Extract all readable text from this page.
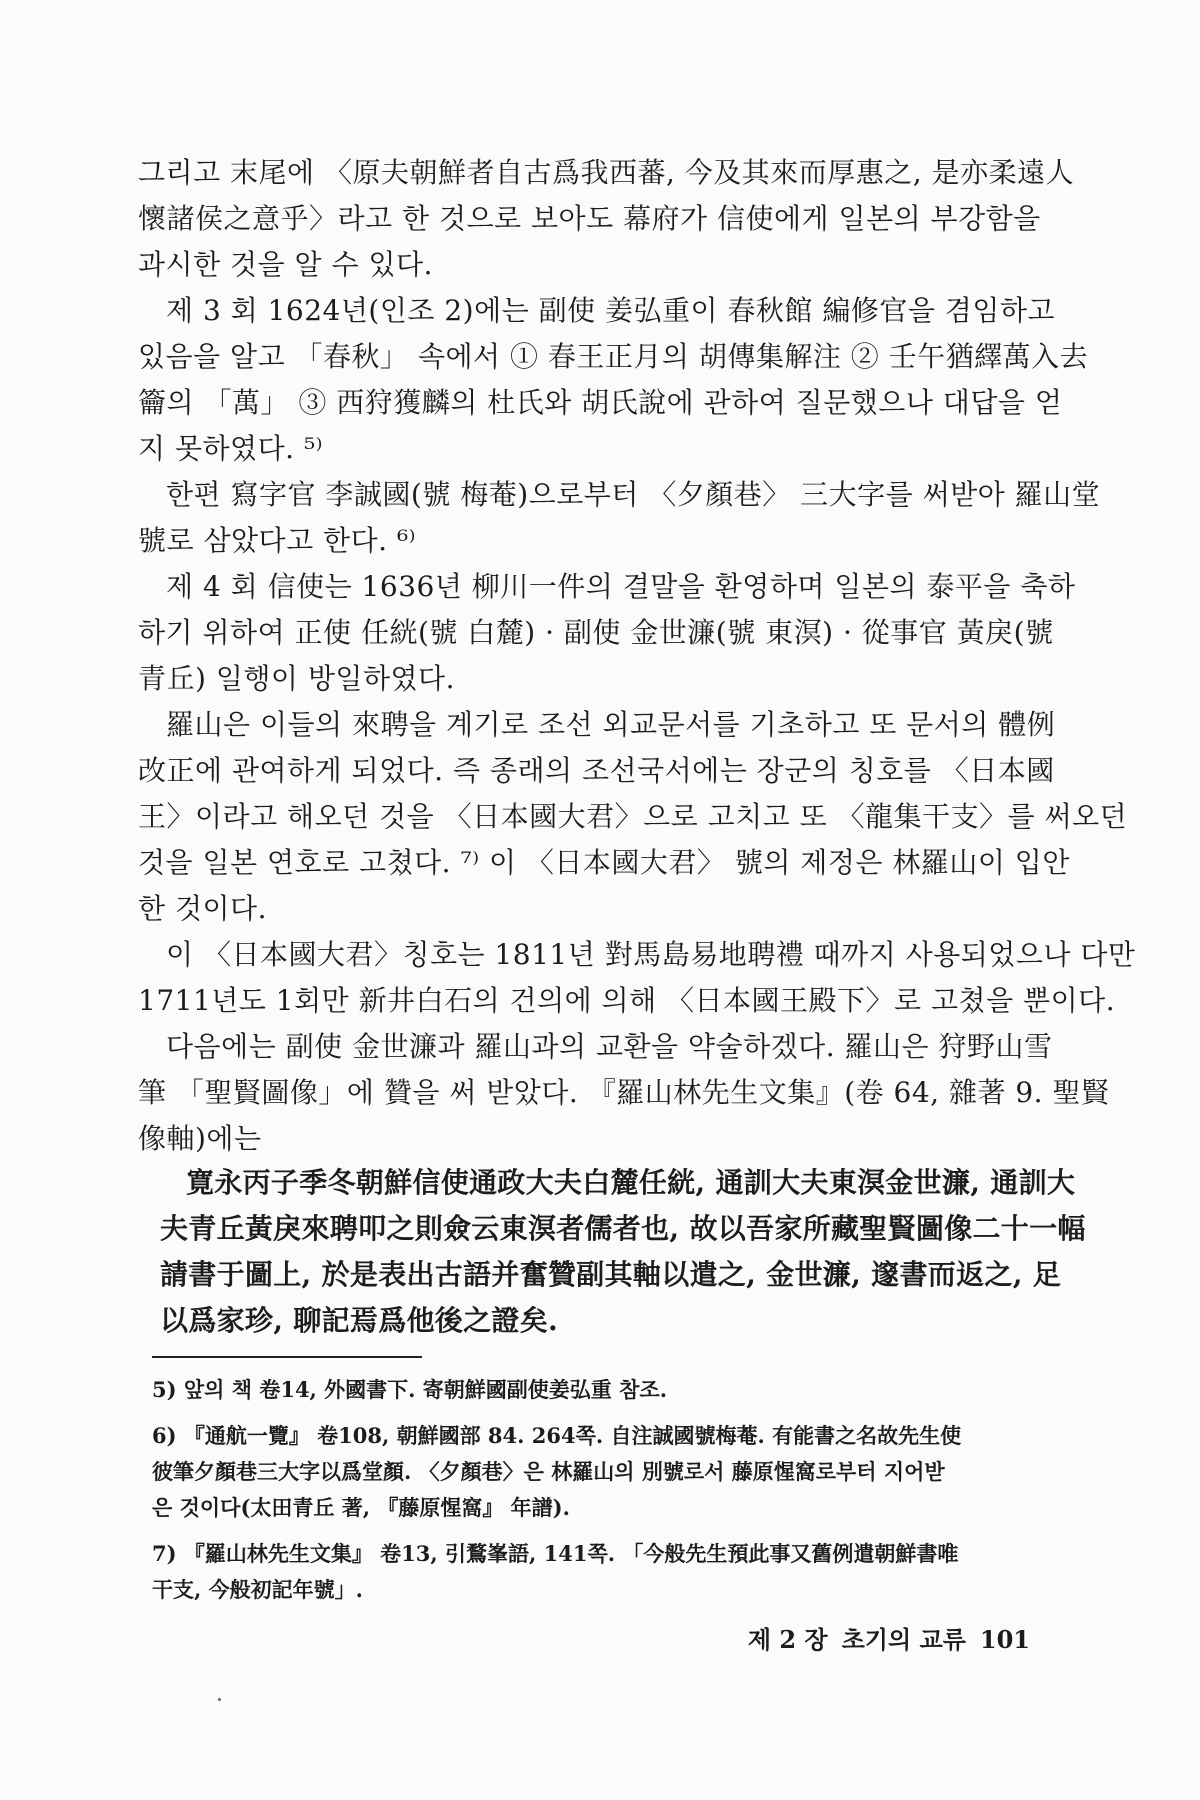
그리고 末尾에 〈原夫朝鮮者自古爲我西蕃, 今及其來而厚惠之, 是亦柔遠人
懷諸侯之意乎〉라고 한 것으로 보아도 幕府가 信使에게 일본의 부강함을
과시한 것을 알 수 있다.
제 3 회 1624년(인조 2)에는 副使 姜弘重이 春秋館 編修官을 겸임하고
있음을 알고 「春秋」 속에서 ① 春王正月의 胡傳集解注 ② 壬午猶繹萬入去
籥의 「萬」 ③ 西狩獲麟의 杜氏와 胡氏說에 관하여 질문했으나 대답을 얻
지 못하였다. ⁵⁾
한편 寫字官 李誠國(號 梅菴)으로부터 〈夕顏巷〉 三大字를 써받아 羅山堂
號로 삼았다고 한다. ⁶⁾
제 4 회 信使는 1636년 柳川一件의 결말을 환영하며 일본의 泰平을 축하
하기 위하여 正使 任絖(號 白麓) · 副使 金世濂(號 東溟) · 從事官 黃戾(號
青丘) 일행이 방일하였다.
羅山은 이들의 來聘을 계기로 조선 외교문서를 기초하고 또 문서의 體例
改正에 관여하게 되었다. 즉 종래의 조선국서에는 장군의 칭호를 〈日本國
王〉이라고 해오던 것을 〈日本國大君〉으로 고치고 또 〈龍集干支〉를 써오던
것을 일본 연호로 고쳤다. ⁷⁾ 이 〈日本國大君〉 號의 제정은 林羅山이 입안
한 것이다.
이 〈日本國大君〉칭호는 1811년 對馬島易地聘禮 때까지 사용되었으나 다만
1711년도 1회만 新井白石의 건의에 의해 〈日本國王殿下〉로 고쳤을 뿐이다.
다음에는 副使 金世濂과 羅山과의 교환을 약술하겠다. 羅山은 狩野山雪
筆 「聖賢圖像」에 贊을 써 받았다. 『羅山林先生文集』(卷 64, 雜著 9. 聖賢
像軸)에는
寛永丙子季冬朝鮮信使通政大夫白麓任絖, 通訓大夫東溟金世濂, 通訓大
夫青丘黃戾來聘叩之則僉云東溟者儒者也, 故以吾家所藏聖賢圖像二十一幅
請書于圖上, 於是表出古語并奮贊副其軸以遣之, 金世濂, 邃書而返之, 足
以爲家珍, 聊記焉爲他後之證矣.
5) 앞의 책 卷14, 外國書下. 寄朝鮮國副使姜弘重 참조.
6) 『通航一覽』 卷108, 朝鮮國部 84. 264쪽. 自注誠國號梅菴. 有能書之名故先生使
彼筆夕顏巷三大字以爲堂顏. 〈夕顏巷〉은 林羅山의 別號로서 藤原惺窩로부터 지어받
은 것이다(太田青丘 著, 『藤原惺窩』 年譜).
7) 『羅山林先生文集』 卷13, 引鶩峯語, 141쪽. 「今般先生預此事又舊例遣朝鮮書唯
干支, 今般初記年號」.
제 2 장 초기의 교류 101
